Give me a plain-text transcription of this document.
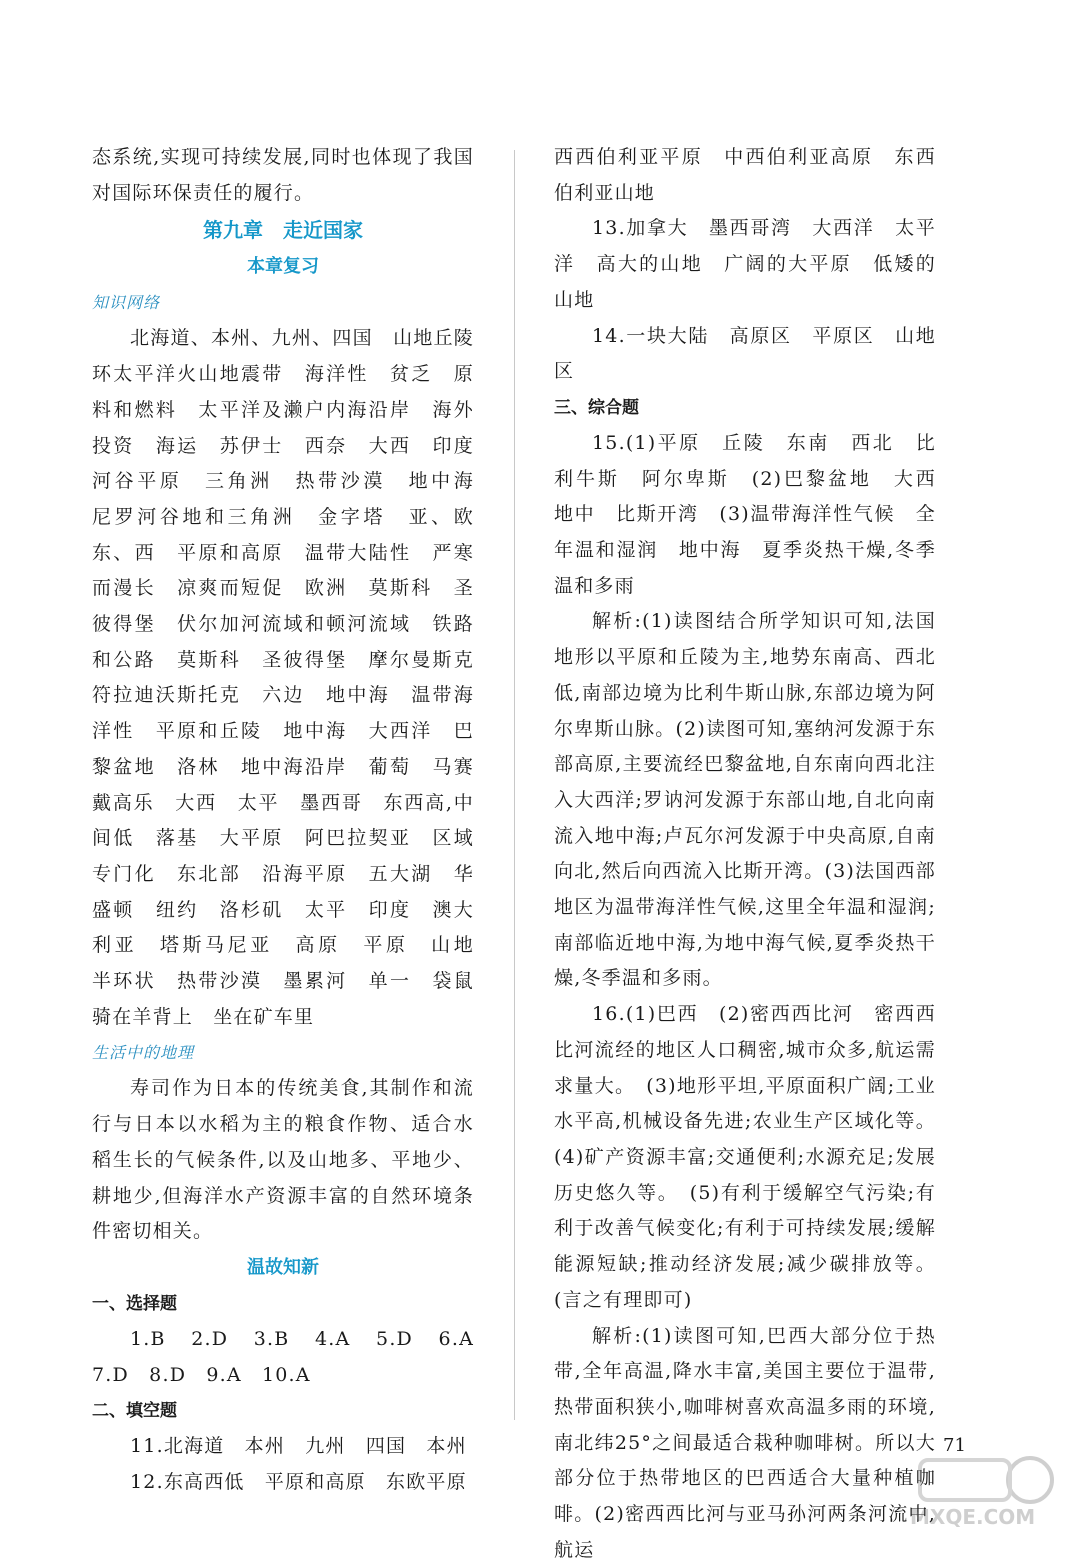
态系统,实现可持续发展,同时也体现了我国对国际环保责任的履行。

第九章　走近国家

本章复习

知识网络

北海道、本州、九州、四国　山地丘陵　环太平洋火山地震带　海洋性　贫乏　原料和燃料　太平洋及濑户内海沿岸　海外投资　海运　苏伊士　西奈　大西　印度　河谷平原　三角洲　热带沙漠　地中海　尼罗河谷地和三角洲　金字塔　亚、欧　东、西　平原和高原　温带大陆性　严寒而漫长　凉爽而短促　欧洲　莫斯科　圣彼得堡　伏尔加河流域和顿河流域　铁路和公路　莫斯科　圣彼得堡　摩尔曼斯克　符拉迪沃斯托克　六边　地中海　温带海洋性　平原和丘陵　地中海　大西洋　巴黎盆地　洛林　地中海沿岸　葡萄　马赛　戴高乐　大西　太平　墨西哥　东西高,中间低　落基　大平原　阿巴拉契亚　区域专门化　东北部　沿海平原　五大湖　华盛顿　纽约　洛杉矶　太平　印度　澳大利亚　塔斯马尼亚　高原　平原　山地　半环状　热带沙漠　墨累河　单一　袋鼠　骑在羊背上　坐在矿车里

生活中的地理

寿司作为日本的传统美食,其制作和流行与日本以水稻为主的粮食作物、适合水稻生长的气候条件,以及山地多、平地少、耕地少,但海洋水产资源丰富的自然环境条件密切相关。

温故知新

一、选择题

1.B　2.D　3.B　4.A　5.D　6.A　7.D　8.D　9.A　10.A

二、填空题

11.北海道　本州　九州　四国　本州

12.东高西低　平原和高原　东欧平原

西西伯利亚平原　中西伯利亚高原　东西伯利亚山地

13.加拿大　墨西哥湾　大西洋　太平洋　高大的山地　广阔的大平原　低矮的山地

14.一块大陆　高原区　平原区　山地区

三、综合题

15.(1)平原　丘陵　东南　西北　比利牛斯　阿尔卑斯　(2)巴黎盆地　大西　地中　比斯开湾　(3)温带海洋性气候　全年温和湿润　地中海　夏季炎热干燥,冬季温和多雨

解析:(1)读图结合所学知识可知,法国地形以平原和丘陵为主,地势东南高、西北低,南部边境为比利牛斯山脉,东部边境为阿尔卑斯山脉。(2)读图可知,塞纳河发源于东部高原,主要流经巴黎盆地,自东南向西北注入大西洋;罗讷河发源于东部山地,自北向南流入地中海;卢瓦尔河发源于中央高原,自南向北,然后向西流入比斯开湾。(3)法国西部地区为温带海洋性气候,这里全年温和湿润;南部临近地中海,为地中海气候,夏季炎热干燥,冬季温和多雨。

16.(1)巴西　(2)密西西比河　密西西比河流经的地区人口稠密,城市众多,航运需求量大。　(3)地形平坦,平原面积广阔;工业水平高,机械设备先进;农业生产区域化等。(4)矿产资源丰富;交通便利;水源充足;发展历史悠久等。　(5)有利于缓解空气污染;有利于改善气候变化;有利于可持续发展;缓解能源短缺;推动经济发展;减少碳排放等。(言之有理即可)

解析:(1)读图可知,巴西大部分位于热带,全年高温,降水丰富,美国主要位于温带,热带面积狭小,咖啡树喜欢高温多雨的环境,南北纬25°之间最适合栽种咖啡树。所以大部分位于热带地区的巴西适合大量种植咖啡。(2)密西西比河与亚马孙河两条河流中,航运

71
MXQE.COM
